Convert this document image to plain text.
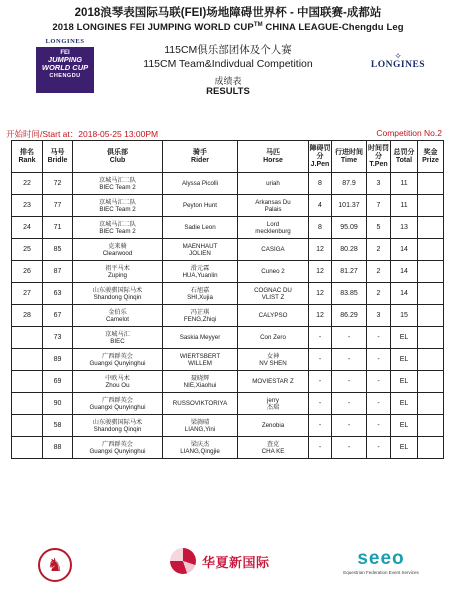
2018浪琴表国际马联(FEI)场地障碍世界杯 - 中国联赛-成都站
2018 LONGINES FEI JUMPING WORLD CUP™ CHINA LEAGUE-Chengdu Leg
LONGINES
FEI
JUMPING
WORLD CUP
CHENGDU
✧
LONGINES
115CM俱乐部团体及个人赛
115CM Team&Indivdual Competition
成绩表
RESULTS
开始时间/Start at：2018-05-25 13:00PM	Competition No.2
排名
Rank	马号
Bridle	俱乐部
Club	骑手
Rider	马匹
Horse	障碍罚分
J.Pen	行进时间
Time	时间罚分
T.Pen	总罚分
Total	奖金
Prize

22	72	京城马汇二队
BIEC Team 2	Alyssa Picolli	uriah	8	87.9	3	11	

23	77	京城马汇二队
BIEC Team 2	Peyton Hunt	Arkansas Du
Palais	4	101.37	7	11	

24	71	京城马汇二队
BIEC Team 2	Sadie Leon	Lord
mecklenburg	8	95.09	5	13	

25	85	克来骑
Clearwood	MAENHAUT
JOLIEN	CASIGA	12	80.28	2	14	

26	87	祖平马术
Zuping	滑元霖
HUA,Yuanlin	Cuneo 2	12	81.27	2	14	

27	63	山东骏骐国际马术
Shandong Qinqin	石旭嘉
SHI,Xujia	COGNAC DU
VLIST Z	12	83.85	2	14	

28	67	金伯乐
Camelot	冯芷琪
FENG,Zhiqi	CALYPSO	12	86.29	3	15	

	73	京城马汇
BIEC	Saskia Meyyer	Con Zero	-	-	-	EL	

	89	广西群英会
Guangxi Qunyinghui	WIERTSBERT
WILLEM	女神
NV SHEN	-	-	-	EL	

	69	中欧马术
Zhou Ou	聂晓辉
NIE,Xiaohui	MOVIESTAR Z	-	-	-	EL	

	90	广西群英会
Guangxi Qunyinghui	RUSSOVIKTORIYA	jerry
杰瑞	-	-	-	EL	

	58	山东骏骐国际马术
Shandong Qinqin	梁旖晴
LIANG,Yini	Zenobia	-	-	-	EL	

	88	广西群英会
Guangxi Qunyinghui	梁庆杰
LIANG,Qingjie	查克
CHA KE	-	-	-	EL	

♞	华夏新国际	seeo
Equestrian Federation Event Services
